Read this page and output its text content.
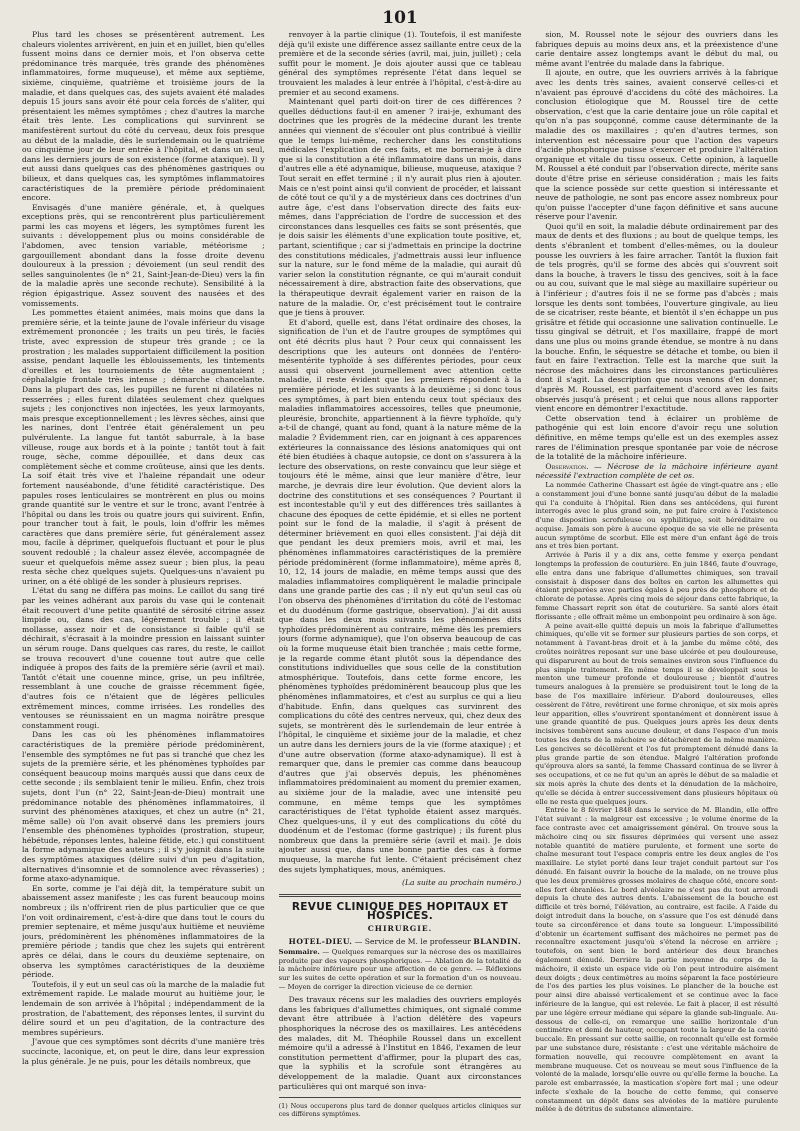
101

Plus tard les choses se présentèrent autrement. Les chaleurs violentes arrivèrent, en juin et en juillet, bien qu'elles fussent moins dans ce dernier mois, et l'on observa cette prédominance très marquée, très grande des phénomènes inflammatoires, forme muqueuse), et même aux septième, sixième, cinquième, quatrième et troisième jours de la maladie, et dans quelques cas, des sujets avaient été malades depuis 15 jours sans avoir été pour cela forcés de s'aliter, qui présentaient les mêmes symptômes ; chez d'autres la marche était très lente. Les complications qui survinrent se manifestèrent surtout du côté du cerveau, deux fois presque au début de la maladie, dès le surlendemain ou le quatrième ou cinquième jour de leur entrée à l'hôpital, et dans un seul, dans les derniers jours de son existence (forme ataxique). Il y eut aussi dans quelques cas des phénomènes gastriques ou bilieux, et dans quelques cas, les symptômes inflammatoires caractéristiques de la première période prédominaient encore.

Envisagés d'une manière générale, et, à quelques exceptions près, qui se rencontrèrent plus particulièrement parmi les cas moyens et légers, les symptômes furent les suivants : développement plus ou moins considérable de l'abdomen, avec tension variable, météorisme ; gargouillement abondant dans la fosse droite devenu douloureux à la pression ; dévoiement (un seul rendit des selles sanguinolentes (le n° 21, Saint-Jean-de-Dieu) vers la fin de la maladie après une seconde rechute). Sensibilité à la région épigastrique. Assez souvent des nausées et des vomissements.

Les pommettes étaient animées, mais moins que dans la première série, et la teinte jaune de l'ovale inférieur du visage extrêmement prononcée ; les traits un peu tirés, le faciès triste, avec expression de stupeur très grande ; ce la prostration ; les malades supportaient difficilement la position assise, pendant laquelle les éblouissements, les tintements d'oreilles et les tournoiements de tête augmentaient ; céphalalgie frontale très intense ; démarche chancelante. Dans la plupart des cas, les pupilles ne furent ni dilatées ni resserrées ; elles furent dilatées seulement chez quelques sujets ; les conjonctives non injectées, les yeux larmoyants, mais presque exceptionnellement ; les lèvres sèches, ainsi que les narines, dont l'entrée était généralement un peu pulvérulente. La langue fut tantôt saburrale, à la base villeuse, rouge aux bords et à la pointe ; tantôt tout à fait rouge, sèche, comme dépouillée, et dans deux cas complètement sèche et comme croûteuse, ainsi que les dents. La soif était très vive et l'haleine répandait une odeur fortement nauséabonde, d'une fétidité caractéristique. Des papules roses lenticulaires se montrèrent en plus ou moins grande quantité sur le ventre et sur le tronc, avant l'entrée à l'hôpital ou dans les trois ou quatre jours qui suivirent. Enfin, pour trancher tout à fait, le pouls, loin d'offrir les mêmes caractères que dans première série, fut généralement assez mou, facile à déprimer, quelquefois fluctuant et pour le plus souvent redoublé ; la chaleur assez élevée, accompagnée de sueur et quelquefois même assez sueur ; bien plus, la peau resta sèche chez quelques sujets. Quelques-uns n'avaient pu uriner, on a été obligé de les sonder à plusieurs reprises.

L'état du sang ne différa pas moins. Le caillot du sang tiré par les veines adhérant aux parois du vase qui le contenait était recouvert d'une petite quantité de sérosité citrine assez limpide ou, dans des cas, légèrement trouble ; il était mollasse, assez noir et de consistance si faible qu'il se déchirait, s'écrasait à la moindre pression en laissant suinter un sérum rouge. Dans quelques cas rares, du reste, le caillot se trouva recouvert d'une couenne tout autre que celle indiquée à propos des faits de la première série (avril et mai). Tantôt c'était une couenne mince, grise, un peu infiltrée, ressemblant à une couche de graisse récemment figée, d'autres fois ce n'étaient que de légères pellicules extrêmement minces, comme irrisées. Les rondelles des ventouses se réunissaient en un magma noirâtre presque constamment rougi.

Dans les cas où les phénomènes inflammatoires caractéristiques de la première période prédominèrent, l'ensemble des symptômes ne fut pas si tranché que chez les sujets de la première série, et les phénomènes typhoïdes par conséquent beaucoup moins marqués aussi que dans ceux de cette seconde ; ils semblaient tenir le milieu. Enfin, chez trois sujets, dont l'un (n° 22, Saint-Jean-de-Dieu) montrait une prédominance notable des phénomènes inflammatoires, il survint des phénomènes ataxiques, et chez un autre (n° 21, même salle) où l'on avait observé dans les premiers jours l'ensemble des phénomènes typhoïdes (prostration, stupeur, hébétude, réponses lentes, haleine fétide, etc.) qui constituent la forme adynamique des auteurs ; il s'y joignit dans la suite des symptômes ataxiques (délire suivi d'un peu d'agitation, alternatives d'insomnie et de somnolence avec rêvasseries) ; forme ataxo-adynamique.

En sorte, comme je l'ai déjà dit, la température subit un abaissement assez manifeste ; les cas furent beaucoup moins nombreux ; ils n'offrirent rien de plus particulier que ce que l'on voit ordinairement, c'est-à-dire que dans tout le cours du premier septenaire, et même jusqu'aux huitième et neuvième jours, prédominèrent les phénomènes inflammatoires de la première période ; tandis que chez les sujets qui entrèrent après ce délai, dans le cours du deuxième septenaire, on observa les symptômes caractéristiques de la deuxième période.

Toutefois, il y eut un seul cas où la marche de la maladie fut extrêmement rapide. Le malade mourut au huitième jour, le lendemain de son arrivée à l'hôpital ; indépendamment de la prostration, de l'abattement, des réponses lentes, il survint du délire sourd et un peu d'agitation, de la contracture des membres supérieurs.

J'avoue que ces symptômes sont décrits d'une manière très succincte, laconique, et, on peut le dire, dans leur expression la plus générale. Je ne puis, pour les détails nombreux, que

renvoyer à la partie clinique (1). Toutefois, il est manifeste déjà qu'il existe une différence assez saillante entre ceux de la première et de la seconde séries (avril, mai, juin, juillet) ; cela suffit pour le moment. Je dois ajouter aussi que ce tableau général des symptômes représente l'état dans lequel se trouvaient les malades à leur entrée à l'hôpital, c'est-à-dire au premier et au second examens.

Maintenant quel parti doit-on tirer de ces différences ? quelles déductions faut-il en amener ? irai-je, exhumant des doctrines que les progrès de la médecine durant les trente années qui viennent de s'écouler ont plus contribué à vieillir que le temps lui-même, rechercher dans les constitutions médicales l'explication de ces faits, et me bornerai-je à dire que si la constitution a été inflammatoire dans un mois, dans d'autres elle a été adynamique, bilieuse, muqueuse, ataxique ? Tout serait en effet terminé ; il n'y aurait plus rien à ajouter. Mais ce n'est point ainsi qu'il convient de procéder, et laissant de côté tout ce qu'il y a de mystérieux dans ces doctrines d'un autre âge, c'est dans l'observation directe des faits eux-mêmes, dans l'appréciation de l'ordre de succession et des circonstances dans lesquelles ces faits se sont présentés, que je dois saisir les éléments d'une explication toute positive, et, partant, scientifique ; car si j'admettais en principe la doctrine des constitutions médicales, j'admettrais aussi leur influence sur la nature, sur le fond même de la maladie, qui aurait dû varier selon la constitution régnante, ce qui m'aurait conduit nécessairement à dire, abstraction faite des observations, que la thérapeutique devrait également varier en raison de la nature de la maladie. Or, c'est précisément tout le contraire que je tiens à prouver.

Et d'abord, quelle est, dans l'état ordinaire des choses, la signification de l'un et de l'autre groupes de symptômes qui ont été décrits plus haut ? Pour ceux qui connaissent les descriptions que les auteurs ont données de l'entéro-mésentérite typhoïde à ses différentes périodes, pour ceux aussi qui observent journellement avec attention cette maladie, il reste évident que les premiers répondent à la première période, et les suivants à la deuxième ; si donc tous ces symptômes, à part bien entendu ceux tout spéciaux des maladies inflammatoires accessoires, telles que pneumonie, pleurésie, bronchite, appartiennent à la fièvre typhoïde, qu'y a-t-il de changé, quant au fond, quant à la nature même de la maladie ? Évidemment rien, car en joignant à ces apparences extérieures la connaissance des lésions anatomiques qui ont été bien étudiées à chaque autopsie, ce dont on s'assurera à la lecture des observations, on reste convaincu que leur siège et toujours été le même, ainsi que leur manière d'être, leur marche, je devrais dire leur évolution. Que devient alors la doctrine des constitutions et ses conséquences ? Pourtant il est incontestable qu'il y eut des différences très saillantes à chacune des époques de cette épidémie, et si elles ne portent point sur le fond de la maladie, il s'agit à présent de déterminer brièvement en quoi elles consistent. J'ai déjà dit que pendant les deux premiers mois, avril et mai, les phénomènes inflammatoires caractéristiques de la première période prédominèrent (forme inflammatoire), même après 8, 10, 12, 14 jours de maladie, en même temps aussi que des maladies inflammatoires compliquèrent le maladie principale dans une grande partie des cas ; il n'y eut qu'un seul cas où l'on observa des phénomènes d'irritation du côté de l'estomac et du duodénum (forme gastrique, observation). J'ai dit aussi que dans les deux mois suivants les phénomènes dits typhoïdes prédominèrent au contraire, même dès les premiers jours (forme adynamique), que l'on observa beaucoup de cas où la forme muqueuse était bien tranchée ; mais cette forme, je la regarde comme étant plutôt sous la dépendance des constitutions individuelles que sous celle de la constitution atmosphérique. Toutefois, dans cette forme encore, les phénomènes typhoïdes prédominèrent beaucoup plus que les phénomènes inflammatoires, et c'est au surplus ce qui a lieu d'habitude. Enfin, dans quelques cas survinrent des complications du côté des centres nerveux, qui, chez deux des sujets, se montrèrent dès le surlendemain de leur entrée à l'hôpital, le cinquième et sixième jour de la maladie, et chez un autre dans les derniers jours de la vie (forme ataxique) ; et d'une autre observation (forme ataxo-adynamique). Il est à remarquer que, dans le premier cas comme dans beaucoup d'autres que j'ai observés depuis, les phénomènes inflammatoires prédominaient au moment du premier examen, au sixième jour de la maladie, avec une intensité peu commune, en même temps que les symptômes caractéristiques de l'état typhoïde étaient assez marqués. Chez quelques-uns, il y eut des complications du côté du duodénum et de l'estomac (forme gastrique) ; ils furent plus nombreux que dans la première série (avril et mai). Je dois ajouter aussi que, dans une bonne partie des cas à forme muqueuse, la marche fut lente. C'étaient précisément chez des sujets lymphatiques, mous, anémiques.

(La suite au prochain numéro.)
REVUE CLINIQUE DES HOPITAUX ET HOSPICES.
CHIRURGIE.
HOTEL-DIEU. — Service de M. le professeur BLANDIN.
Sommaire. — Quelques remarques sur la nécrose des os maxillaires produite par des vapeurs phosphoriques. — Ablation de la totalité de la mâchoire inférieure pour une affection de ce genre. — Réflexions sur les suites de cette opération et sur la formation d'un os nouveau. — Moyen de corriger la direction vicieuse de ce dernier.

Des travaux récens sur les maladies des ouvriers employés dans les fabriques d'allumettes chimiques, ont signalé comme devant être attribuée à l'action délétère des vapeurs phosphoriques la nécrose des os maxillaires. Les antécédens des malades, dit M. Théophile Roussel dans un excellent mémoire qu'il a adressé à l'Institut en 1846, l'examen de leur constitution permettent d'affirmer, pour la plupart des cas, que la syphilis et la scrofule sont étrangères au développement de la maladie. Quant aux circonstances particulières qui ont marqué son inva-

(1) Nous occuperons plus tard de donner quelques articles cliniques sur ces différens symptômes.

sion, M. Roussel note le séjour des ouvriers dans les fabriques depuis au moins deux ans, et la préexistence d'une carie dentaire assez longtemps avant le début du mal, ou même avant l'entrée du malade dans la fabrique.

Il ajoute, en outre, que les ouvriers arrivés à la fabrique avec les dents très saines, avaient conservé celles-ci et n'avaient pas éprouvé d'accidens du côté des mâchoires. La conclusion étiologique que M. Roussel tire de cette observation, c'est que la carie dentaire joue un rôle capital et qu'on n'a pas soupçonné, comme cause déterminante de la maladie des os maxillaires ; qu'en d'autres termes, son intervention est nécessaire pour que l'action des vapeurs d'acide phosphorique puisse s'exercer et produire l'altération organique et vitale du tissu osseux. Cette opinion, à laquelle M. Roussel a été conduit par l'observation directe, mérite sans doute d'être prise en sérieuse considération ; mais les faits que la science possède sur cette question si intéressante et neuve de pathologie, ne sont pas encore assez nombreux pour qu'on puisse l'accepter d'une façon définitive et sans aucune réserve pour l'avenir.

Quoi qu'il en soit, la maladie débute ordinairement par des maux de dents et des fluxions ; au bout de quelque temps, les dents s'ébranlent et tombent d'elles-mêmes, ou la douleur pousse les ouvriers à les faire arracher. Tantôt la fluxion fait de tels progrès, qu'il se forme des abcès qui s'ouvrent soit dans la bouche, à travers le tissu des gencives, soit à la face ou au cou, suivant que le mal siège au maxillaire supérieur ou à l'inférieur ; d'autres fois il ne se forme pas d'abcès ; mais lorsque les dents sont tombées, l'ouverture gingivale, au lieu de se cicatriser, reste béante, et bientôt il s'en échappe un pus grisâtre et fétide qui occasionne une salivation continuelle. Le tissu gingival se détruit, et l'os maxillaire, frappé de mort dans une plus ou moins grande étendue, se montre à nu dans la bouche. Enfin, le séquestre se détache et tombe, ou bien il faut en faire l'extraction. Telle est la marche que suit la nécrose des mâchoires dans les circonstances particulières dont il s'agit. La description que nous venons d'en donner, d'après M. Roussel, est parfaitement d'accord avec les faits observés jusqu'à présent ; et celui que nous allons rapporter vient encore en démontrer l'exactitude.

Cette observation tend à éclairer un problème de pathogénie qui est loin encore d'avoir reçu une solution définitive, en même temps qu'elle est un des exemples assez rares de l'élimination presque spontanée par voie de nécrose de la totalité de la mâchoire inférieure.

Observation. — Nécrose de la mâchoire inférieure ayant nécessité l'extraction complète de cet os.

La nommée Catherine Chassart est âgée de vingt-quatre ans ; elle a constamment joui d'une bonne santé jusqu'au début de la maladie qui l'a conduite à l'hôpital. Rien dans ses antécédens, qui furent interrogés avec le plus grand soin, ne put faire croire à l'existence d'une disposition scrofuleuse ou syphilitique, soit héréditaire ou acquise. Jamais son père à aucune époque de sa vie elle ne présenta aucun symptôme de scorbut. Elle est mère d'un enfant âgé de trois ans et très bien portant.

Arrivée à Paris il y a dix ans, cette femme y exerça pendant longtemps la profession de couturière. En juin 1846, faute d'ouvrage, elle entra dans une fabrique d'allumettes chimiques, son travail consistait à disposer dans des boîtes en carton les allumettes qui étaient préparées avec parties égales à peu près de phosphore et de chlorate de potasse. Après cinq mois de séjour dans cette fabrique, la femme Chassart reprit son état de couturière. Sa santé alors était florissante ; elle offrait même un embonpoint peu ordinaire à son âge.

A peine avait-elle quitté depuis un mois la fabrique d'allumettes chimiques, qu'elle vit se former sur plusieurs parties de son corps, et notamment à l'avant-bras droit et à la jambe du même côté, des croûtes noirâtres reposant sur une base ulcérée et peu douloureuse, qui disparurent au bout de trois semaines environ sous l'influence du plus simple traitement. En même temps il se développait sous le menton une tumeur profonde et douloureuse ; bientôt d'autres tumeurs analogues à la première se produisirent tout le long de la base de l'os maxillaire inférieur. D'abord douloureuses, elles cessèrent de l'être, revêtirent une forme chronique, et six mois après leur apparition, elles s'ouvrirent spontanément et donnèrent issue à une grande quantité de pus. Quelques jours après les deux dents incisives tombèrent sans aucune douleur, et dans l'espace d'un mois toutes les dents de la mâchoire se détachèrent de la même manière. Les gencives se décollèrent et l'os fut promptement dénudé dans la plus grande partie de son étendue. Malgré l'altération profonde qu'éprouva alors sa santé, la femme Chassard continua de se livrer à ses occupations, et ce ne fut qu'un an après le début de sa maladie et six mois après la chute des dents et la dénudation de la mâchoire, qu'elle se décida à entrer successivement dans plusieurs hôpitaux où elle ne resta que quelques jours.

Entrée le 8 février 1848 dans le service de M. Blandin, elle offre l'état suivant : la malgreur est excessive ; le volume énorme de la face contraste avec cet amaigrissement général. On trouve sous la mâchoire cinq ou six fissures déprimées qui versent une assez notable quantité de matière purulente, et forment une sorte de chaîne mesurant tout l'espace compris entre les deux angles de l'os maxillaire. Le stylet porté dans leur trajet conduit partout sur l'os dénudé. En faisant ouvrir la bouche de la malade, on ne trouve plus que les deux premières grosses molaires de chaque côté, encore sont-elles fort ébranlées. Le bord alvéolaire ne s'est pas du tout arrondi depuis la chute des autres dents. L'abaissement de la bouche est difficile et très borné, l'élévation, au contraire, est facile. A l'aide du doigt introduit dans la bouche, on s'assure que l'os est dénudé dans toute sa circonférence et dans toute sa longueur. L'impossibilité d'obtenir un écartement suffisant des mâchoires ne permet pas de reconnaître exactement jusqu'où s'étend la nécrose en arrière ; toutefois, on sent bien le bord antérieur des deux branches également dénudé. Derrière la partie moyenne du corps de la mâchoire, il existe un espace vide où l'on peut introduire aisément deux doigts ; deux centimètres au moins séparent la face postérieure de l'os des parties les plus voisines. Le plancher de la bouche est pour ainsi dire abaissé verticalement et se continue avec la face inférieure de la langue, qui est relevée. Le fait à placer, il est résulté par une légère erreur médiane qui sépare la glande sub-linguale. Au-dessous de celle-ci, on remarque une saillie horizontale d'un centimètre et demi de hauteur, occupant toute la largeur de la cavité buccale. En pressant sur cette saillie, on reconnaît qu'elle est formée par une substance dure, résistante : c'est une véritable mâchoire de formation nouvelle, qui recouvre complètement en avant la membrane muqueuse. Cet os nouveau se meut sous l'influence de la volonté de la malade, lorsqu'elle ouvre ou qu'elle ferme la bouche. La parole est embarrassée, la mastication s'opère fort mal ; une odeur infecte s'exhale de la bouche de cette femme, qui conserve constamment un dépôt dans ses alvéoles de la matière purulente mêlée à de détritus de substance alimentaire.
